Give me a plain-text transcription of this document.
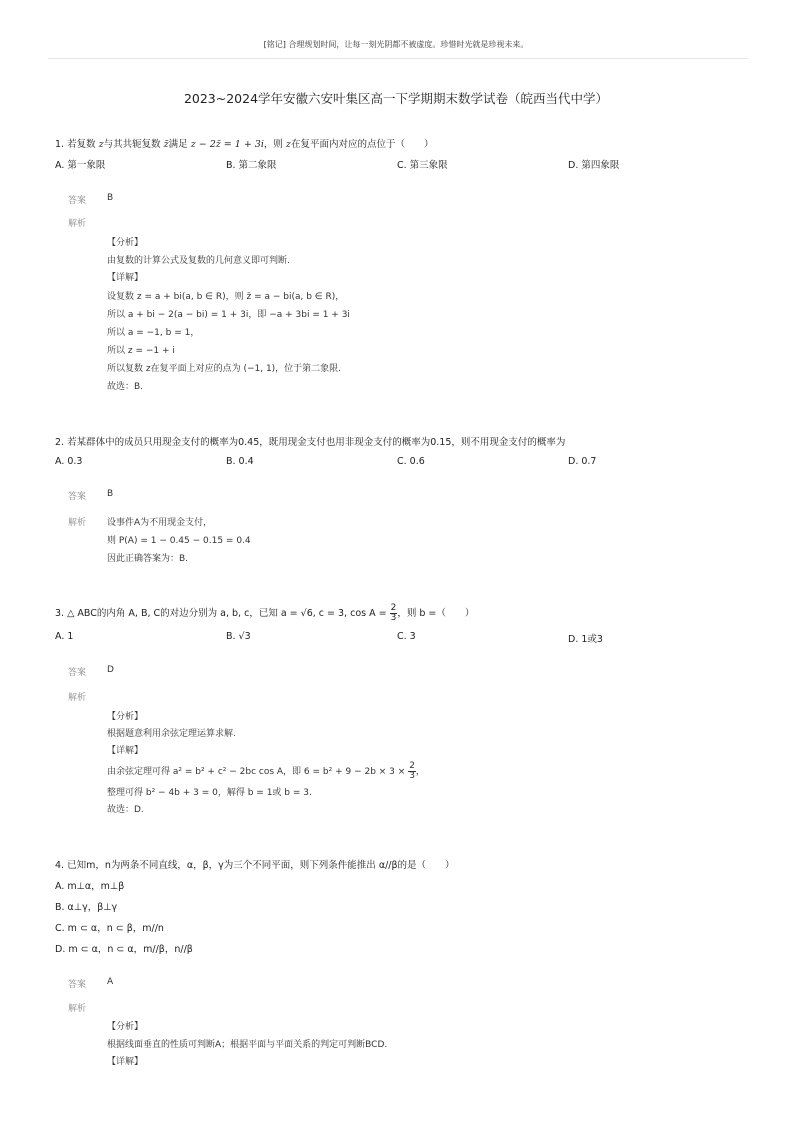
[铭记] 合理规划时间，让每一刻光阴都不被虚度。珍惜时光就是珍视未来。
2023~2024学年安徽六安叶集区高一下学期期末数学试卷（皖西当代中学）
1. 若复数 z与其共轭复数 z̄满足 z − 2z̄ = 1 + 3i，则 z在复平面内对应的点位于（　　）
A. 第一象限	B. 第二象限	C. 第三象限	D. 第四象限
答案 B
解析
【分析】
由复数的计算公式及复数的几何意义即可判断.
【详解】
设复数 z = a + bi(a, b ∈ R)，则 z̄ = a − bi(a, b ∈ R)，
所以 a + bi − 2(a − bi) = 1 + 3i，即 −a + 3bi = 1 + 3i
所以 a = −1, b = 1，
所以 z = −1 + i
所以复数 z在复平面上对应的点为 (−1, 1)，位于第二象限.
故选：B.
2. 若某群体中的成员只用现金支付的概率为0.45，既用现金支付也用非现金支付的概率为0.15，则不用现金支付的概率为
A. 0.3	B. 0.4	C. 0.6	D. 0.7
答案 B
解析 设事件A为不用现金支付，
则 P(A) = 1 − 0.45 − 0.15 = 0.4
因此正确答案为：B.
3. △ ABC的内角 A, B, C的对边分别为 a, b, c，已知 a = √6, c = 3, $\cos A = \frac{2}{3}$ ，则 b =（　　）
A. 1	B. √3	C. 3	D. 1或3
答案 D
解析
【分析】
根据题意利用余弦定理运算求解.
【详解】
由余弦定理可得 a² = b² + c² − 2bc cos A，即 $6 = b^2 + 9 - 2b \times 3 \times \frac{2}{3}$ ，
整理可得 b² − 4b + 3 = 0，解得 b = 1或 b = 3.
故选：D.
4. 已知m，n为两条不同直线，α，β，γ为三个不同平面，则下列条件能推出 α//β的是（　　）
A. m⊥α，m⊥β
B. α⊥γ，β⊥γ
C. m ⊂ α，n ⊂ β，m//n
D. m ⊂ α，n ⊂ α，m//β，n//β
答案 A
解析
【分析】
根据线面垂直的性质可判断A；根据平面与平面关系的判定可判断BCD.
【详解】
